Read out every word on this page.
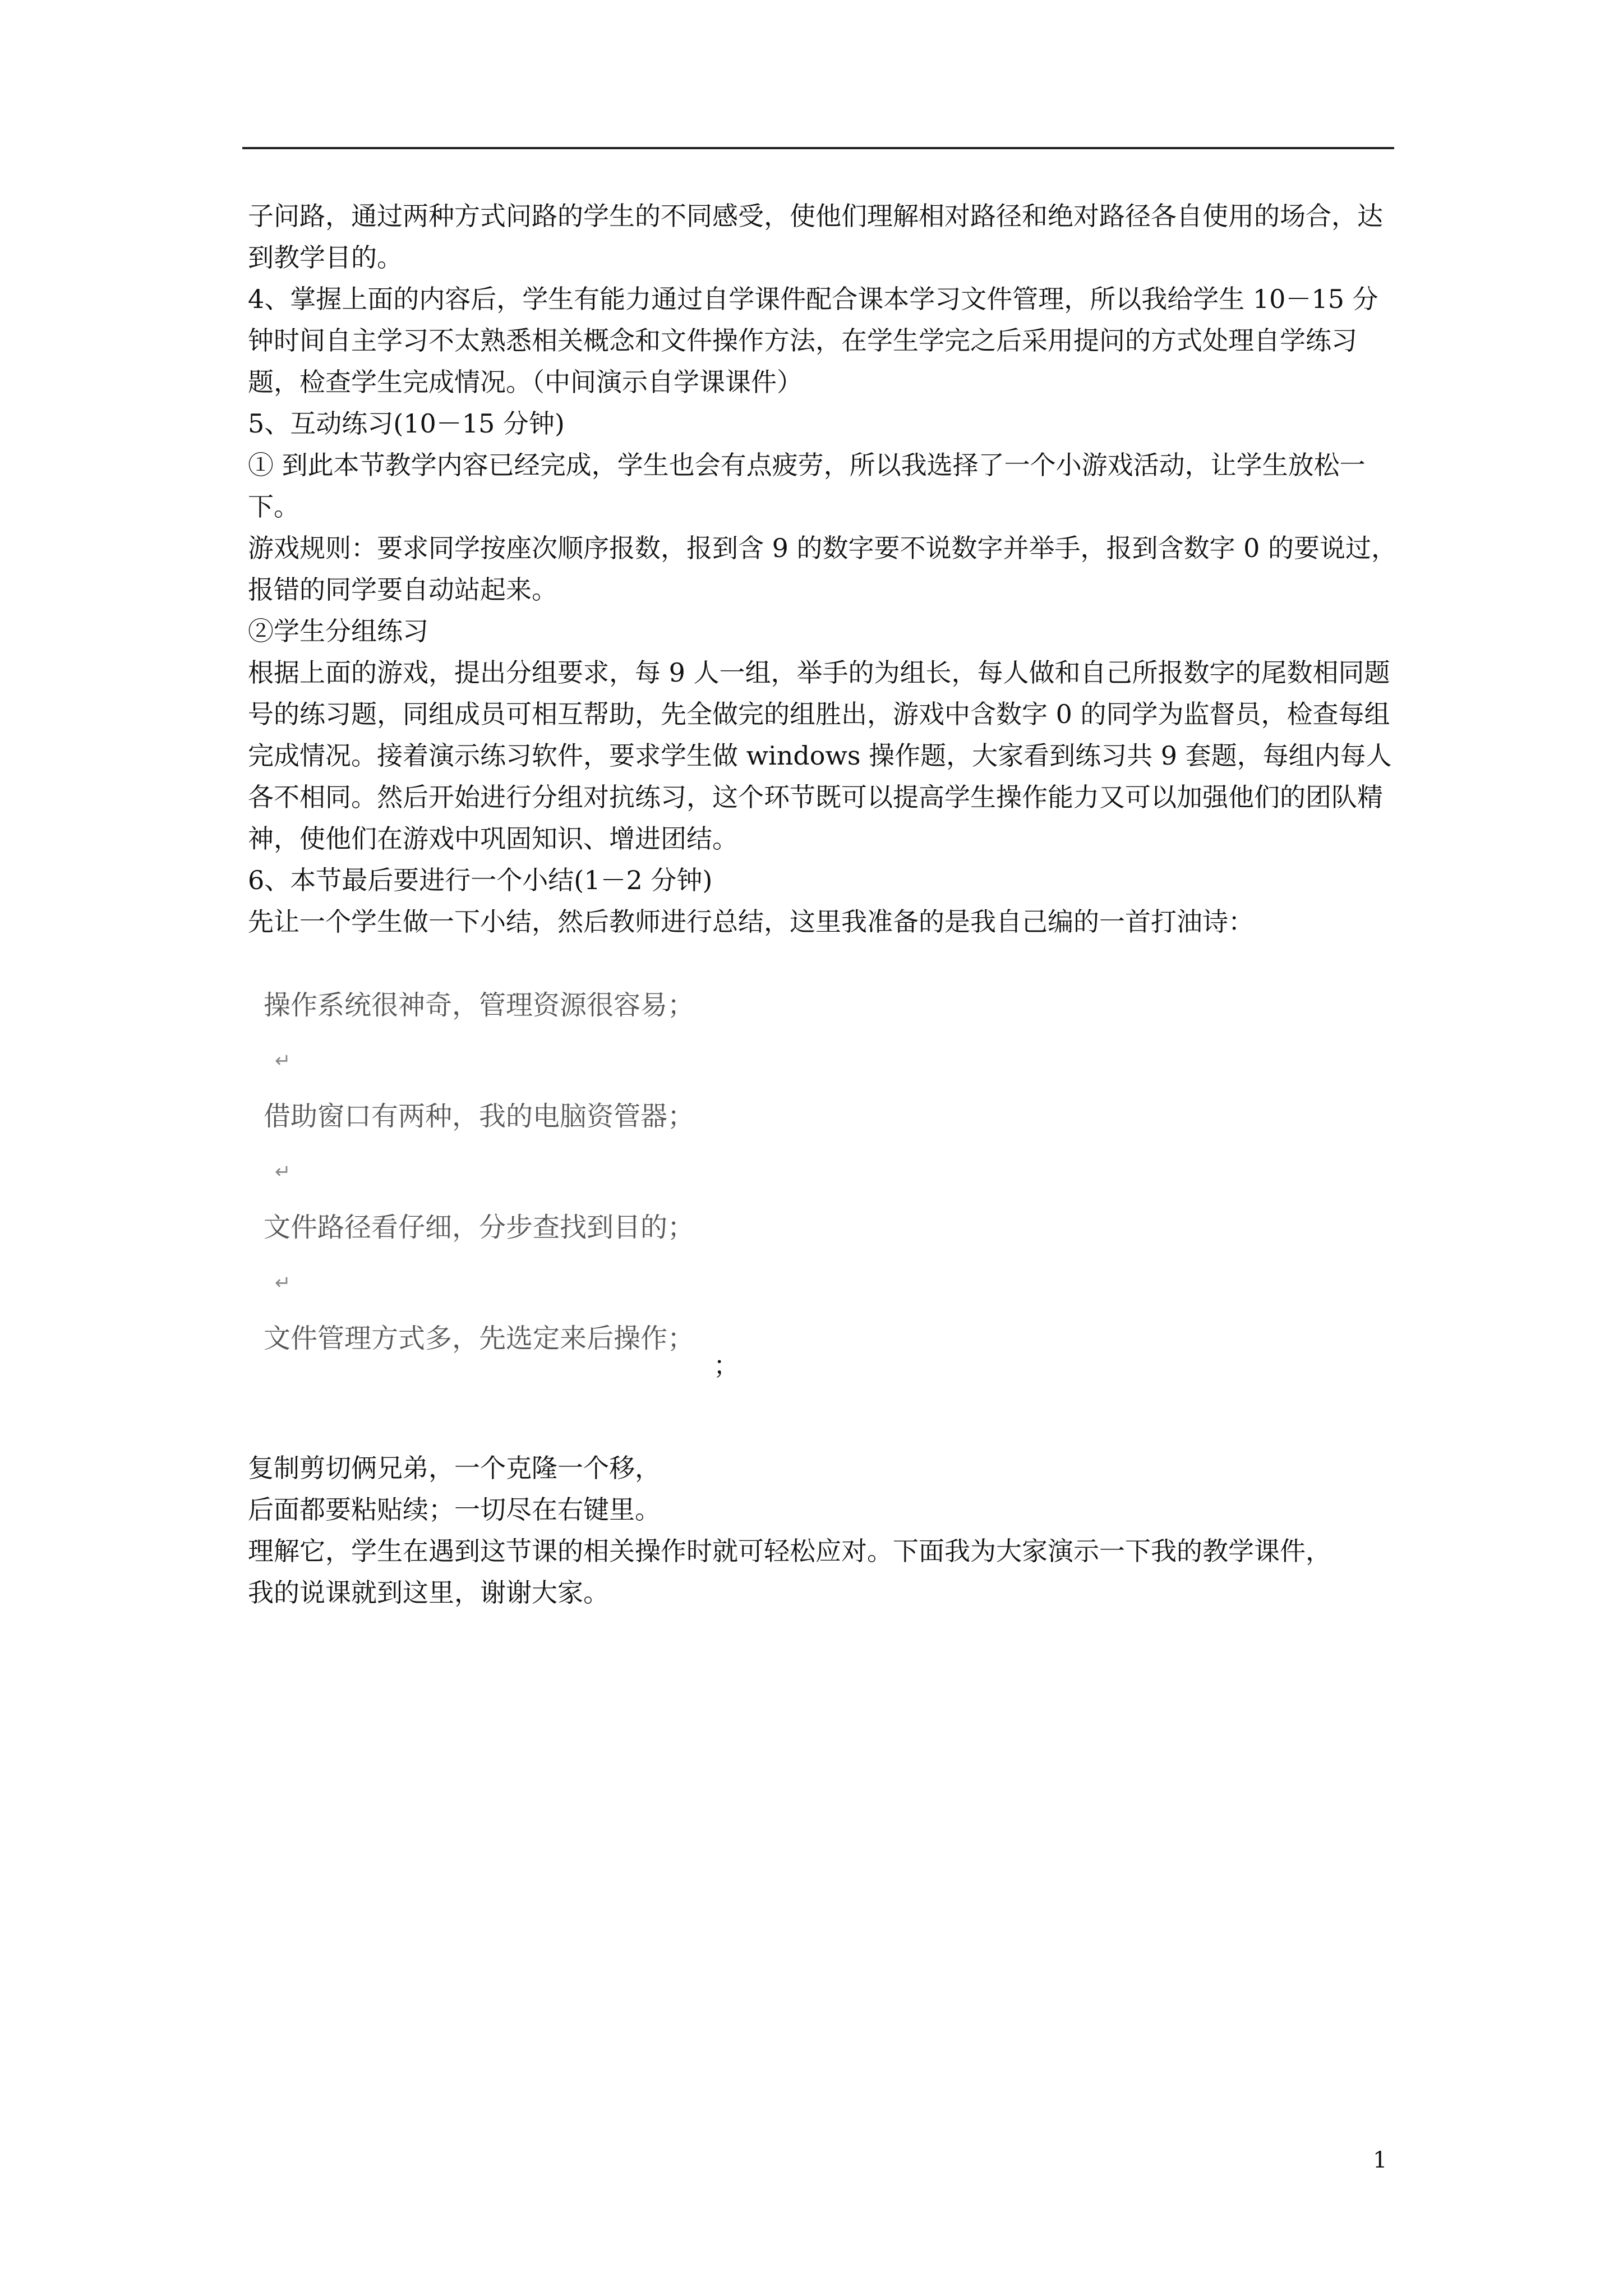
子问路，通过两种方式问路的学生的不同感受，使他们理解相对路径和绝对路径各自使用的场合，达到教学目的。

4、掌握上面的内容后，学生有能力通过自学课件配合课本学习文件管理，所以我给学生 10－15 分钟时间自主学习不太熟悉相关概念和文件操作方法，在学生学完之后采用提问的方式处理自学练习题，检查学生完成情况。（中间演示自学课课件）

5、互动练习(10－15 分钟)

① 到此本节教学内容已经完成，学生也会有点疲劳，所以我选择了一个小游戏活动，让学生放松一下。

游戏规则：要求同学按座次顺序报数，报到含 9 的数字要不说数字并举手，报到含数字 0 的要说过，报错的同学要自动站起来。

②学生分组练习

根据上面的游戏，提出分组要求，每 9 人一组，举手的为组长，每人做和自己所报数字的尾数相同题号的练习题，同组成员可相互帮助，先全做完的组胜出，游戏中含数字 0 的同学为监督员，检查每组完成情况。接着演示练习软件，要求学生做 windows 操作题，大家看到练习共 9 套题，每组内每人各不相同。然后开始进行分组对抗练习，这个环节既可以提高学生操作能力又可以加强他们的团队精神，使他们在游戏中巩固知识、增进团结。

6、本节最后要进行一个小结(1－2 分钟)

先让一个学生做一下小结，然后教师进行总结，这里我准备的是我自己编的一首打油诗：

操作系统很神奇，管理资源很容易；
↵
借助窗口有两种，我的电脑资管器；
↵
文件路径看仔细，分步查找到目的；
↵
文件管理方式多，先选定来后操作；
；

复制剪切俩兄弟，一个克隆一个移，

后面都要粘贴续；一切尽在右键里。

理解它，学生在遇到这节课的相关操作时就可轻松应对。下面我为大家演示一下我的教学课件，

我的说课就到这里，谢谢大家。

1
